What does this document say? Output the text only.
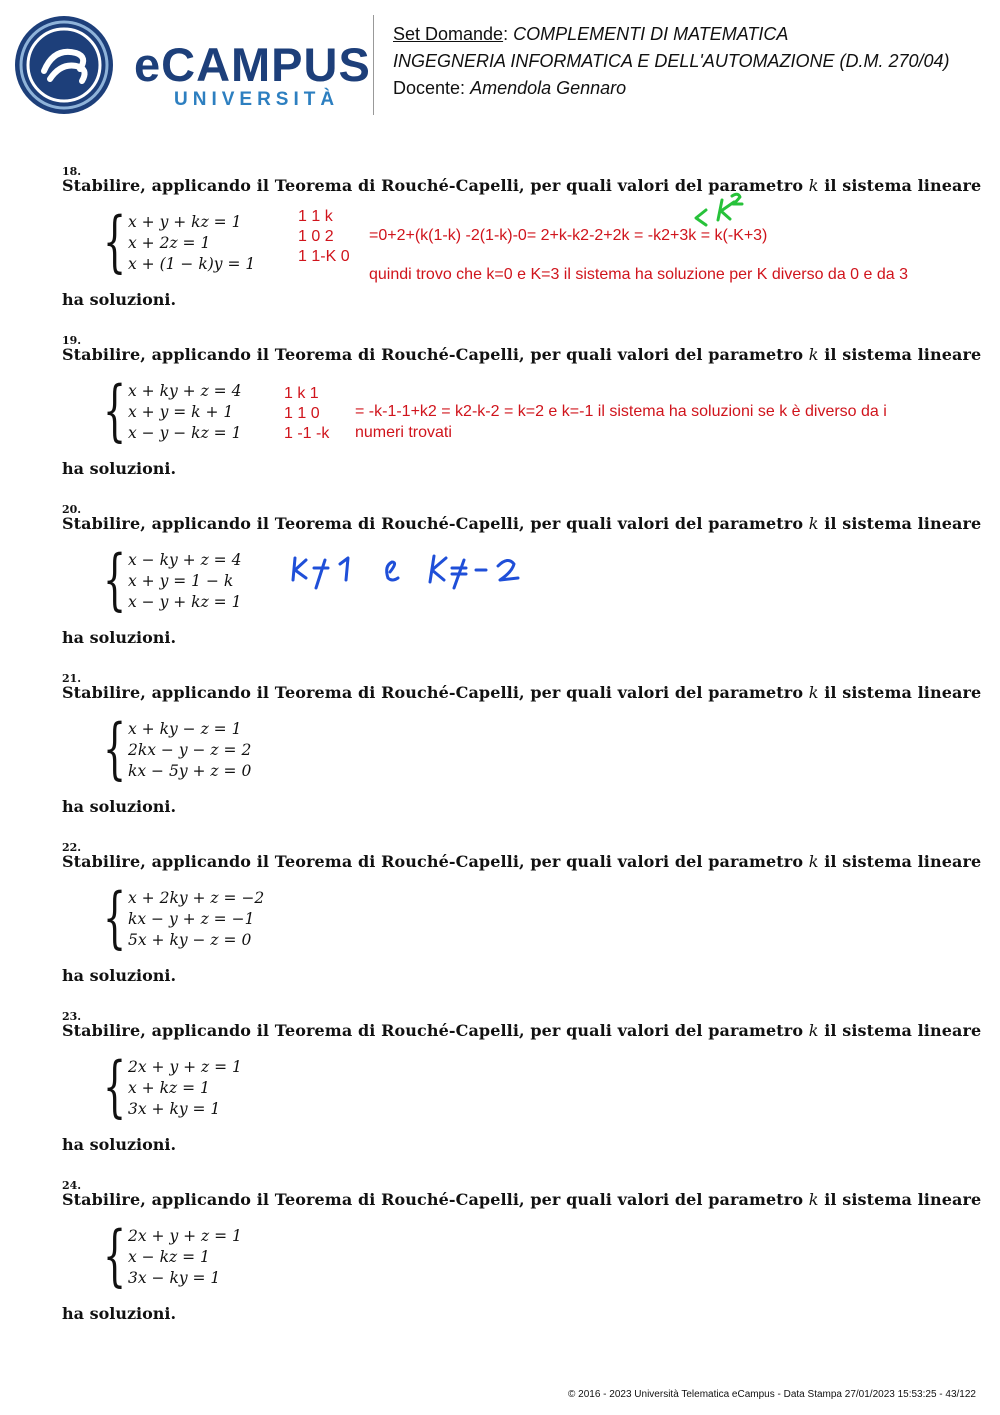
eCAMPUS
UNIVERSITÀ
Set Domande: COMPLEMENTI DI MATEMATICA
INGEGNERIA INFORMATICA E DELL'AUTOMAZIONE (D.M. 270/04)
Docente: Amendola Gennaro
18.
Stabilire, applicando il Teorema di Rouché-Capelli, per quali valori del parametro k il sistema lineare
{ x + y + kz = 1
x + 2z = 1
x + (1 − k)y = 1
ha soluzioni.
19.
Stabilire, applicando il Teorema di Rouché-Capelli, per quali valori del parametro k il sistema lineare
{ x + ky + z = 4
x + y = k + 1
x − y − kz = 1
ha soluzioni.
20.
Stabilire, applicando il Teorema di Rouché-Capelli, per quali valori del parametro k il sistema lineare
{ x − ky + z = 4
x + y = 1 − k
x − y + kz = 1
ha soluzioni.
21.
Stabilire, applicando il Teorema di Rouché-Capelli, per quali valori del parametro k il sistema lineare
{ x + ky − z = 1
2kx − y − z = 2
kx − 5y + z = 0
ha soluzioni.
22.
Stabilire, applicando il Teorema di Rouché-Capelli, per quali valori del parametro k il sistema lineare
{ x + 2ky + z = −2
kx − y + z = −1
5x + ky − z = 0
ha soluzioni.
23.
Stabilire, applicando il Teorema di Rouché-Capelli, per quali valori del parametro k il sistema lineare
{ 2x + y + z = 1
x + kz = 1
3x + ky = 1
ha soluzioni.
24.
Stabilire, applicando il Teorema di Rouché-Capelli, per quali valori del parametro k il sistema lineare
{ 2x + y + z = 1
x − kz = 1
3x − ky = 1
ha soluzioni.
1 1 k
1 0 2
1 1-K 0
=0+2+(k(1-k) -2(1-k)-0= 2+k-k2-2+2k = -k2+3k = k(-K+3)
quindi trovo che k=0 e K=3 il sistema ha soluzione per K diverso da 0 e da 3
1 k 1
1 1 0
1 -1 -k
= -k-1-1+k2 = k2-k-2 = k=2 e k=-1 il sistema ha soluzioni se k è diverso da i
numeri trovati
© 2016 - 2023 Università Telematica eCampus - Data Stampa 27/01/2023 15:53:25 - 43/122
